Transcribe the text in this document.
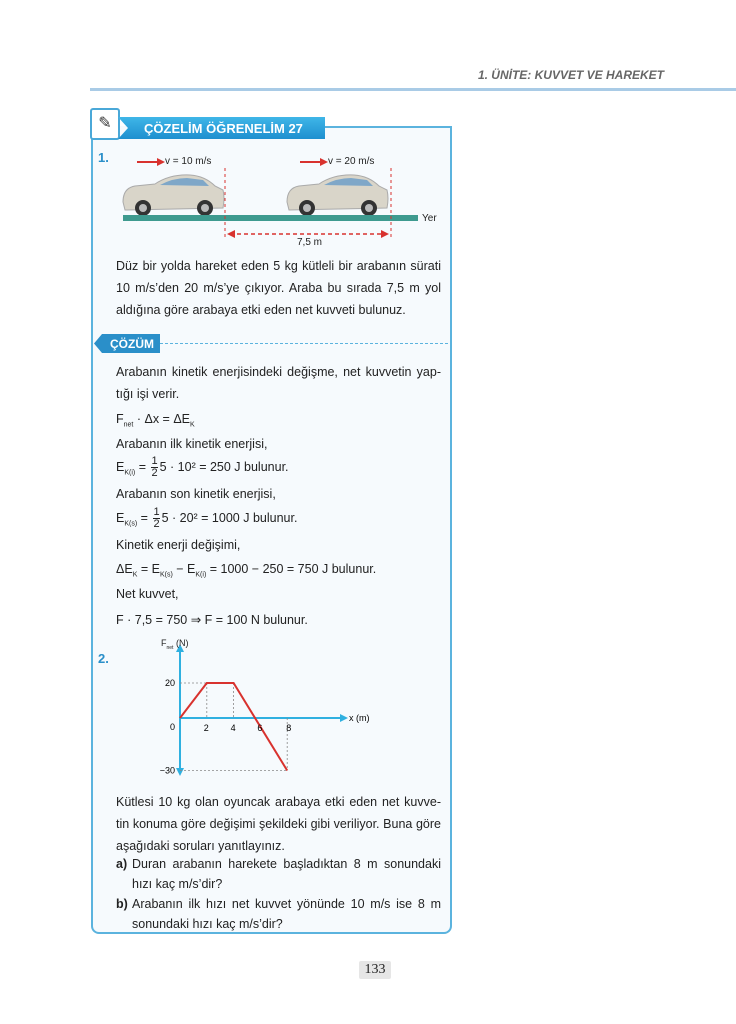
1. ÜNİTE: KUVVET VE HAREKET
✎	ÇÖZELİM ÖĞRENELİM 27
1.	v = 10 m/s	v = 20 m/s
Yer
7,5 m
Düz bir yolda hareket eden 5 kg kütleli bir arabanın sürati
10 m/s’den 20 m/s’ye çıkıyor. Araba bu sırada 7,5 m yol
aldığına göre arabaya etki eden net kuvveti bulunuz.
ÇÖZÜM
Arabanın kinetik enerjisindeki değişme, net kuvvetin yap-
tığı işi verir.
$F_{net} \cdot \Delta x = \Delta E_K$
Arabanın ilk kinetik enerjisi,
$E_{K(i)} = \frac{1}{2} 5 \cdot 10^2 = 250$ J bulunur.
Arabanın son kinetik enerjisi,
$E_{K(s)} = \frac{1}{2} 5 \cdot 20^2 = 1000$ J bulunur.
Kinetik enerji değişimi,
$\Delta E_K = E_{K(s)} - E_{K(i)} = 1000 - 250 = 750$ J bulunur.
Net kuvvet,
F · 7,5 = 750 ⇒ F = 100 N bulunur.
2.
2 4 6	8
20
0
−30
x (m)
$F_{net}$ (N)
Kütlesi 10 kg olan oyuncak arabaya etki eden net kuvve-
tin konuma göre değişimi şekildeki gibi veriliyor. Buna göre
aşağıdaki soruları yanıtlayınız.
a) Duran arabanın harekete başladıktan 8 m sonundaki
hızı kaç m/s’dir?
b) Arabanın ilk hızı net kuvvet yönünde 10 m/s ise 8 m
sonundaki hızı kaç m/s’dir?
133
